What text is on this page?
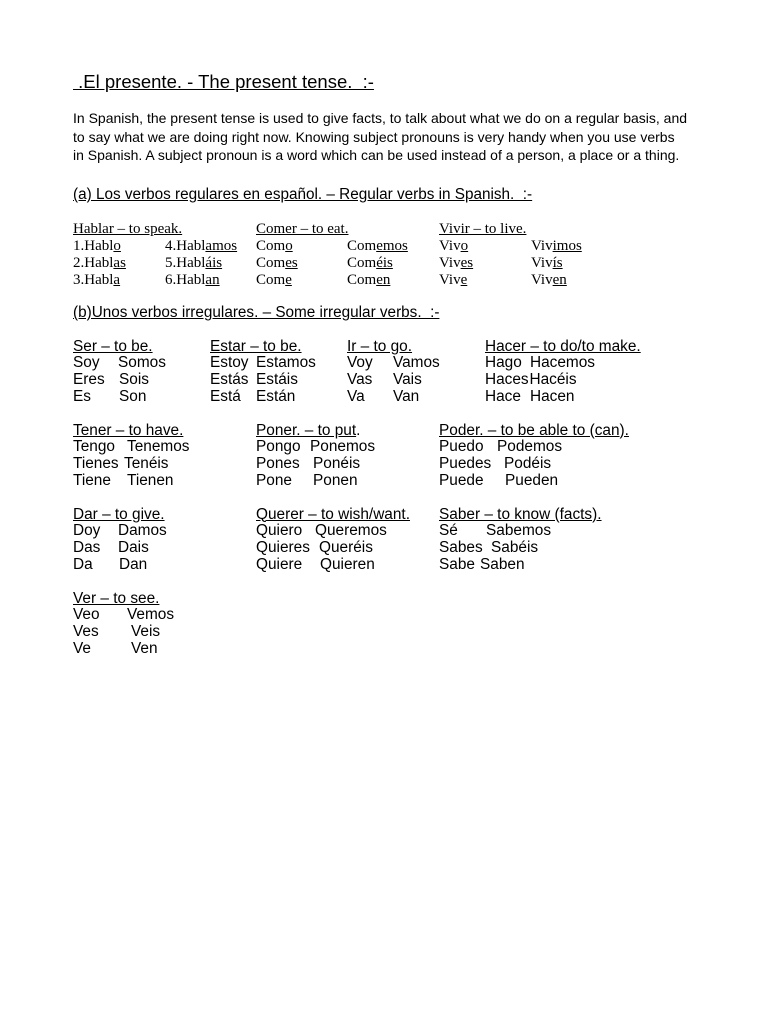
.El presente. - The present tense.  :-
In Spanish, the present tense is used to give facts, to talk about what we do on a regular basis, and
to say what we are doing right now. Knowing subject pronouns is very handy when you use verbs
in Spanish. A subject pronoun is a word which can be used instead of a person, a place or a thing.
(a) Los verbos regulares en español. – Regular verbs in Spanish.  :-
Hablar – to speak.
1.Hablo
2.Hablas
3.Habla
4.Hablamos
5.Habláis
6.Hablan
Comer – to eat.
Como
Comes
Come
Comemos
Coméis
Comen
Vivir – to live.
Vivo
Vives
Vive
Vivimos
Vivís
Viven
(b)Unos verbos irregulares. – Some irregular verbs.  :-
Ser – to be.
Soy Somos
Eres Sois
Es Son
Estar – to be.
Estoy Estamos
Estás Estáis
Está Están
Ir – to go.
Voy Vamos
Vas Vais
Va Van
Hacer – to do/to make.
Hago Hacemos
Haces Hacéis
Hace Hacen
Tener – to have.
Tengo Tenemos
Tienes Tenéis
Tiene Tienen
Poner. – to put.
Pongo Ponemos
Pones Ponéis
Pone Ponen
Poder. – to be able to (can).
Puedo Podemos
Puedes Podéis
Puede Pueden
Dar – to give.
Doy Damos
Das Dais
Da Dan
Querer – to wish/want.
Quiero Queremos
Quieres Queréis
Quiere Quieren
Saber – to know (facts).
Sé Sabemos
Sabes Sabéis
Sabe Saben
Ver – to see.
Veo Vemos
Ves Veis
Ve	Ven
